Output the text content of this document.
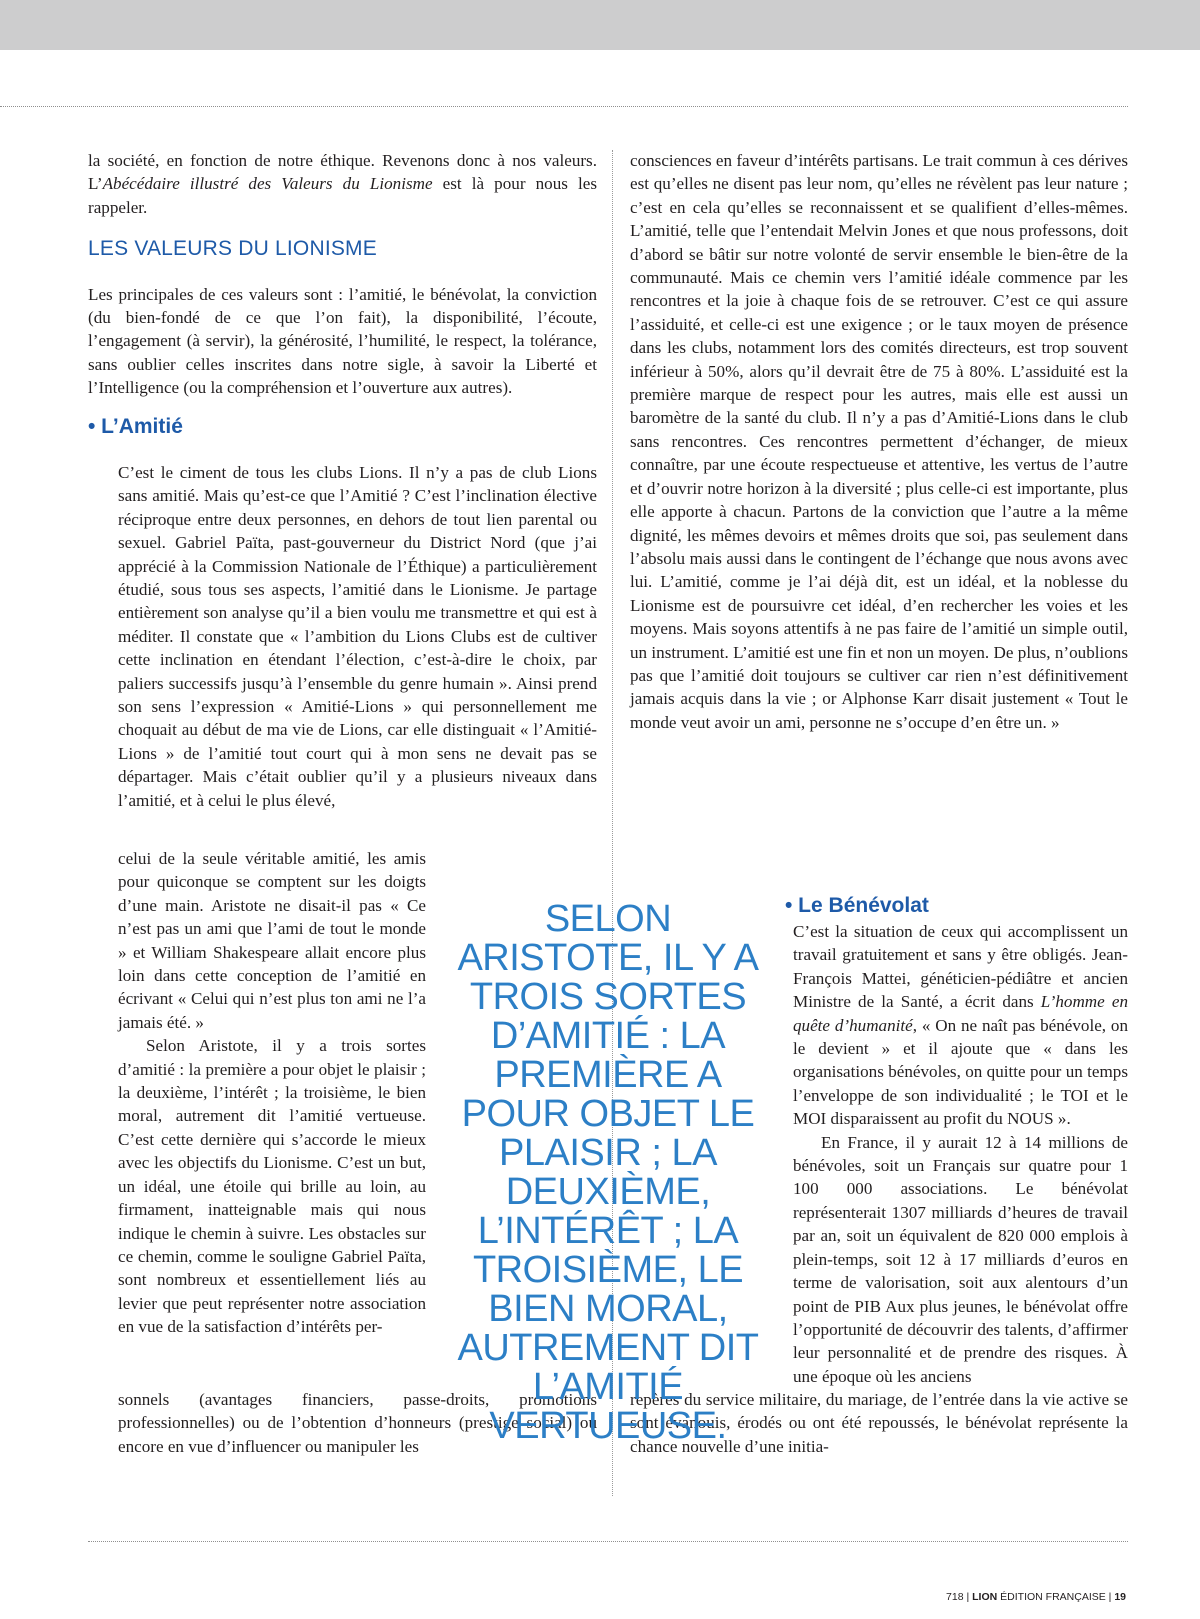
la société, en fonction de notre éthique. Revenons donc à nos valeurs. L’Abécédaire illustré des Valeurs du Lionisme est là pour nous les rappeler.

LES VALEURS DU LIONISME

Les principales de ces valeurs sont : l’amitié, le bénévolat, la conviction (du bien-fondé de ce que l’on fait), la disponibilité, l’écoute, l’engagement (à servir), la générosité, l’humilité, le respect, la tolérance, sans oublier celles inscrites dans notre sigle, à savoir la Liberté et l’Intelligence (ou la compréhension et l’ouverture aux autres).

• L’Amitié

C’est le ciment de tous les clubs Lions. Il n’y a pas de club Lions sans amitié. Mais qu’est-ce que l’Amitié ? C’est l’inclination élective réciproque entre deux personnes, en dehors de tout lien parental ou sexuel. Gabriel Païta, past-gouverneur du District Nord (que j’ai apprécié à la Commission Nationale de l’Éthique) a particulièrement étudié, sous tous ses aspects, l’amitié dans le Lionisme. Je partage entièrement son analyse qu’il a bien voulu me transmettre et qui est à méditer. Il constate que « l’ambition du Lions Clubs est de cultiver cette inclination en étendant l’élection, c’est-à-dire le choix, par paliers successifs jusqu’à l’ensemble du genre humain ». Ainsi prend son sens l’expression « Amitié-Lions » qui personnellement me choquait au début de ma vie de Lions, car elle distinguait « l’Amitié-Lions » de l’amitié tout court qui à mon sens ne devait pas se départager. Mais c’était oublier qu’il y a plusieurs niveaux dans l’amitié, et à celui le plus élevé,

celui de la seule véritable amitié, les amis pour quiconque se comptent sur les doigts d’une main. Aristote ne disait-il pas « Ce n’est pas un ami que l’ami de tout le monde » et William Shakespeare allait encore plus loin dans cette conception de l’amitié en écrivant « Celui qui n’est plus ton ami ne l’a jamais été. »

Selon Aristote, il y a trois sortes d’amitié : la première a pour objet le plaisir ; la deuxième, l’intérêt ; la troisième, le bien moral, autrement dit l’amitié vertueuse. C’est cette dernière qui s’accorde le mieux avec les objectifs du Lionisme. C’est un but, un idéal, une étoile qui brille au loin, au firmament, inatteignable mais qui nous indique le chemin à suivre. Les obstacles sur ce chemin, comme le souligne Gabriel Païta, sont nombreux et essentiellement liés au levier que peut représenter notre association en vue de la satisfaction d’intérêts per-

sonnels (avantages financiers, passe-droits, promotions professionnelles) ou de l’obtention d’honneurs (prestige social) ou encore en vue d’influencer ou manipuler les

consciences en faveur d’intérêts partisans. Le trait commun à ces dérives est qu’elles ne disent pas leur nom, qu’elles ne révèlent pas leur nature ; c’est en cela qu’elles se reconnaissent et se qualifient d’elles-mêmes. L’amitié, telle que l’entendait Melvin Jones et que nous professons, doit d’abord se bâtir sur notre volonté de servir ensemble le bien-être de la communauté. Mais ce chemin vers l’amitié idéale commence par les rencontres et la joie à chaque fois de se retrouver. C’est ce qui assure l’assiduité, et celle-ci est une exigence ; or le taux moyen de présence dans les clubs, notamment lors des comités directeurs, est trop souvent inférieur à 50%, alors qu’il devrait être de 75 à 80%. L’assiduité est la première marque de respect pour les autres, mais elle est aussi un baromètre de la santé du club. Il n’y a pas d’Amitié-Lions dans le club sans rencontres. Ces rencontres permettent d’échanger, de mieux connaître, par une écoute respectueuse et attentive, les vertus de l’autre et d’ouvrir notre horizon à la diversité ; plus celle-ci est importante, plus elle apporte à chacun. Partons de la conviction que l’autre a la même dignité, les mêmes devoirs et mêmes droits que soi, pas seulement dans l’absolu mais aussi dans le contingent de l’échange que nous avons avec lui. L’amitié, comme je l’ai déjà dit, est un idéal, et la noblesse du Lionisme est de poursuivre cet idéal, d’en rechercher les voies et les moyens. Mais soyons attentifs à ne pas faire de l’amitié un simple outil, un instrument. L’amitié est une fin et non un moyen. De plus, n’oublions pas que l’amitié doit toujours se cultiver car rien n’est définitivement jamais acquis dans la vie ; or Alphonse Karr disait justement « Tout le monde veut avoir un ami, personne ne s’occupe d’en être un. »

• Le Bénévolat

C’est la situation de ceux qui accomplissent un travail gratuitement et sans y être obligés. Jean-François Mattei, généticien-pédiâtre et ancien Ministre de la Santé, a écrit dans L’homme en quête d’humanité, « On ne naît pas bénévole, on le devient » et il ajoute que « dans les organisations bénévoles, on quitte pour un temps l’enveloppe de son individualité ; le TOI et le MOI disparaissent au profit du NOUS ».

En France, il y aurait 12 à 14 millions de bénévoles, soit un Français sur quatre pour 1 100 000 associations. Le bénévolat représenterait 1307 milliards d’heures de travail par an, soit un équivalent de 820 000 emplois à plein-temps, soit 12 à 17 milliards d’euros en terme de valorisation, soit aux alentours d’un point de PIB Aux plus jeunes, le bénévolat offre l’opportunité de découvrir des talents, d’affirmer leur personnalité et de prendre des risques. À une époque où les anciens

repères du service militaire, du mariage, de l’entrée dans la vie active se sont évanouis, érodés ou ont été repoussés, le bénévolat représente la chance nouvelle d’une initia-

SELON ARISTOTE, IL Y A TROIS SORTES D’AMITIÉ : LA PREMIÈRE A POUR OBJET LE PLAISIR ; LA DEUXIÈME, L’INTÉRÊT ; LA TROISIÈME, LE BIEN MORAL, AUTREMENT DIT L’AMITIÉ VERTUEUSE.
718 | LION ÉDITION FRANÇAISE | 19
